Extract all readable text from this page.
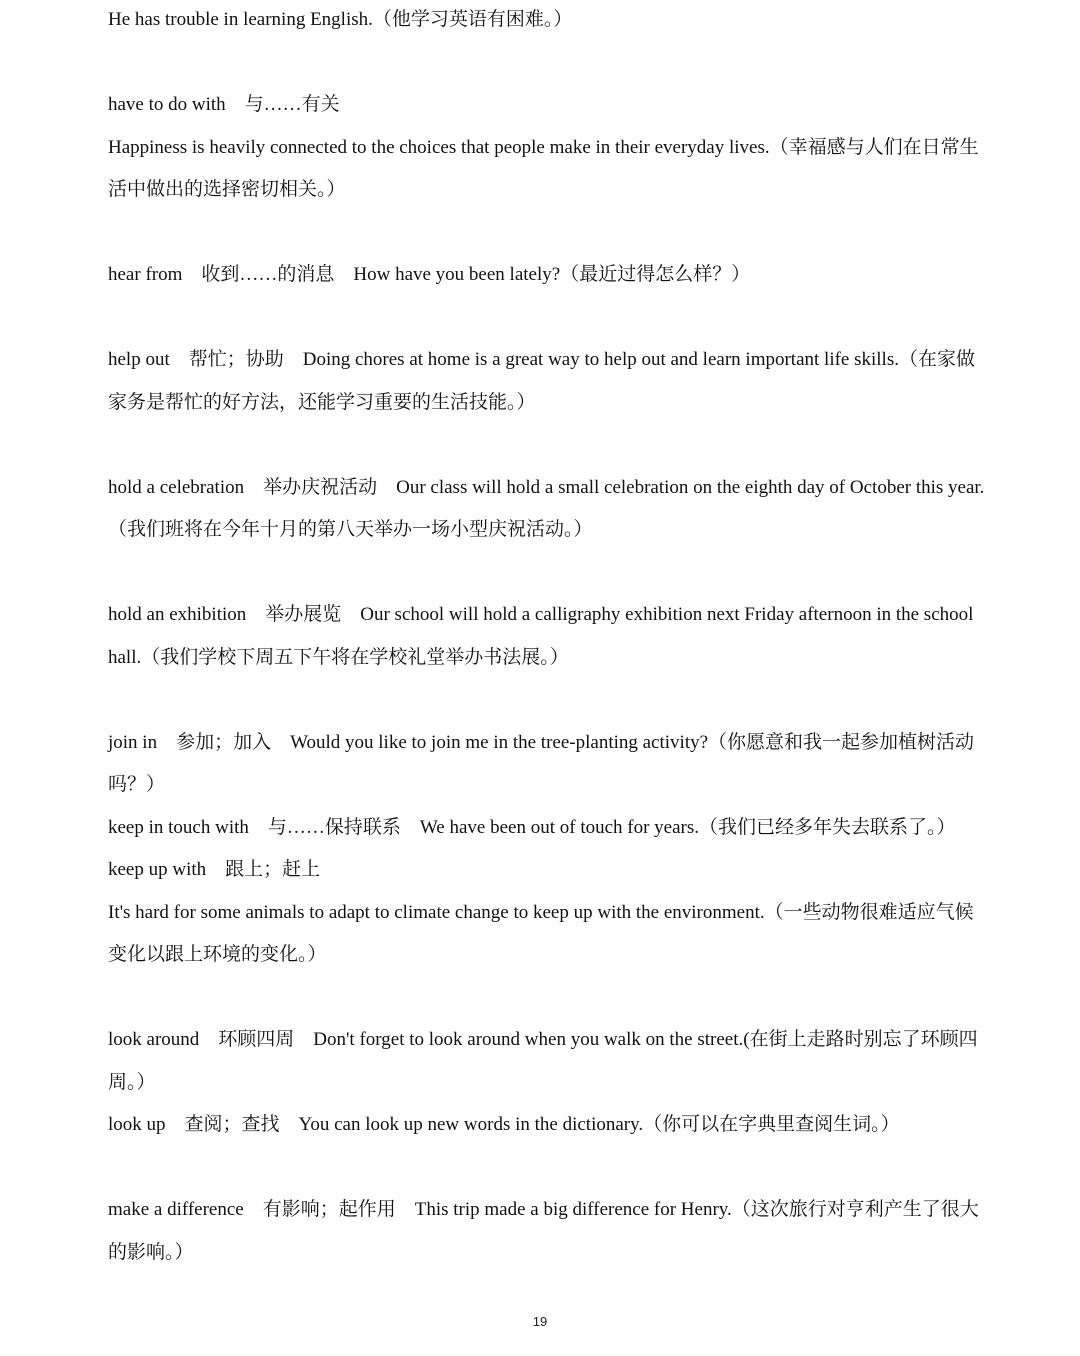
He has trouble in learning English.（他学习英语有困难。）
have to do with　与……有关
Happiness is heavily connected to the choices that people make in their everyday lives.（幸福感与人们在日常生
活中做出的选择密切相关。）
hear from　收到……的消息　How have you been lately?（最近过得怎么样？）
help out　帮忙；协助　Doing chores at home is a great way to help out and learn important life skills.（在家做
家务是帮忙的好方法，还能学习重要的生活技能。）
hold a celebration　举办庆祝活动　Our class will hold a small celebration on the eighth day of October this year.
（我们班将在今年十月的第八天举办一场小型庆祝活动。）
hold an exhibition　举办展览　Our school will hold a calligraphy exhibition next Friday afternoon in the school
hall.（我们学校下周五下午将在学校礼堂举办书法展。）
join in　参加；加入　Would you like to join me in the tree-planting activity?（你愿意和我一起参加植树活动
吗？）
keep in touch with　与……保持联系　We have been out of touch for years.（我们已经多年失去联系了。）
keep up with　跟上；赶上
It's hard for some animals to adapt to climate change to keep up with the environment.（一些动物很难适应气候
变化以跟上环境的变化。）
look around　环顾四周　Don't forget to look around when you walk on the street.(在街上走路时别忘了环顾四
周。）
look up　查阅；查找　You can look up new words in the dictionary.（你可以在字典里查阅生词。）
make a difference　有影响；起作用　This trip made a big difference for Henry.（这次旅行对亨利产生了很大
的影响。）
19
